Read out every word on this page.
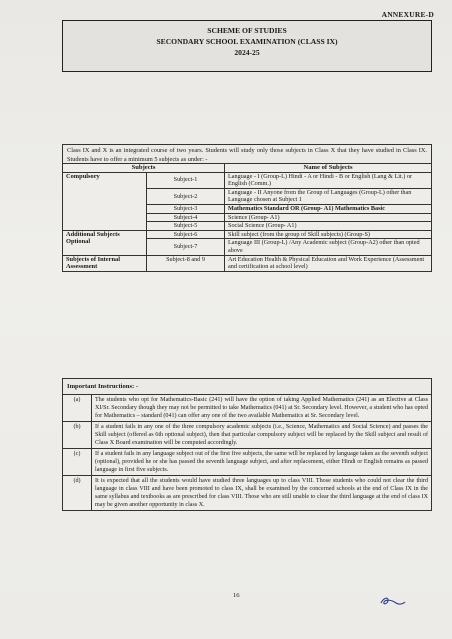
ANNEXURE-D
SCHEME OF STUDIES
SECONDARY SCHOOL EXAMINATION (CLASS IX)
2024-25
Class IX and X is an integrated course of two years. Students will study only those subjects in Class X that they have studied in Class IX. Students have to offer a minimum 5 subjects as under: -
Subjects		Name of Subjects
Compulsory	Subject-1	Language - I (Group-L) Hindi - A or Hindi - B or English (Lang & Lit.) or English (Comm.)
	Subject-2	Language - II Anyone from the Group of Languages (Group-L) other than Language chosen at Subject 1
	Subject-3	Mathematics Standard OR (Group- A1) Mathematics Basic
	Subject-4	Science (Group- A1)
	Subject-5	Social Science (Group- A1)
Additional Subjects Optional	Subject-6	Skill subject (from the group of Skill subjects) (Group-S)
	Subject-7	Language III (Group-L) /Any Academic subject (Group-A2) other than opted above
Subjects of Internal Assessment	Subject-8 and 9	Art Education Health & Physical Education and Work Experience (Assessment and certification at school level)
Important Instructions: -
(a)	The students who opt for Mathematics-Basic (241) will have the option of taking Applied Mathematics (241) as an Elective at Class XI/Sr. Secondary though they may not be permitted to take Mathematics (041) at Sr. Secondary level. However, a student who has opted for Mathematics – standard (041) can offer any one of the two available Mathematics at Sr. Secondary level.
(b)	If a student fails in any one of the three compulsory academic subjects (i.e., Science, Mathematics and Social Science) and passes the Skill subject (offered as 6th optional subject), then that particular compulsory subject will be replaced by the Skill subject and result of Class X Board examination will be computed accordingly.
(c)	If a student fails in any language subject out of the first five subjects, the same will be replaced by language taken as the seventh subject (optional), provided he or she has passed the seventh language subject, and after replacement, either Hindi or English remains as passed language in first five subjects.
(d)	It is expected that all the students would have studied three languages up to class VIII. Those students who could not clear the third language in class VIII and have been promoted to class IX, shall be examined by the concerned schools at the end of Class IX in the same syllabus and textbooks as are prescribed for class VIII. Those who are still unable to clear the third language at the end of class IX may be given another opportunity in class X.
16
